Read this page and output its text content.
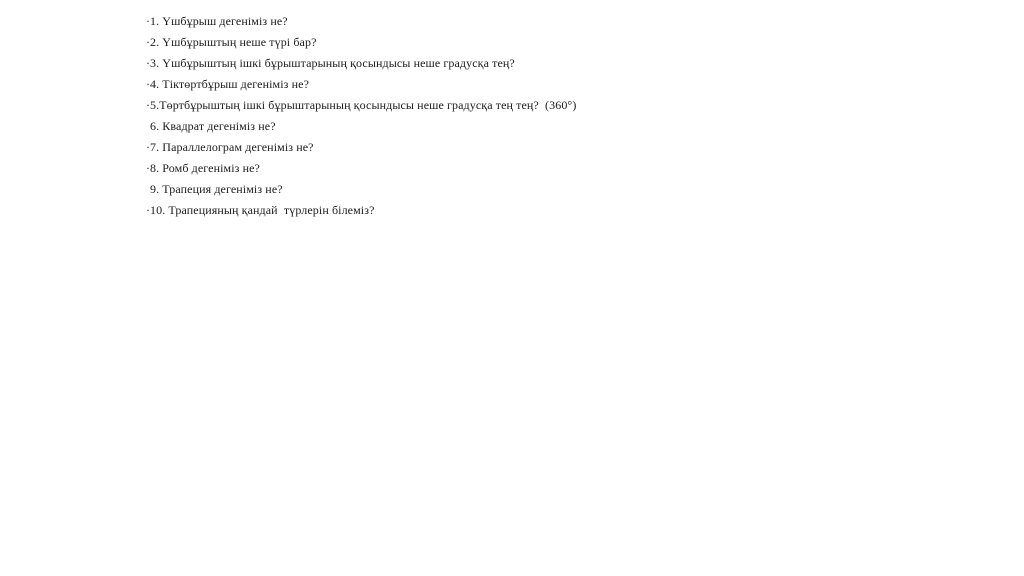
·1. Үшбұрыш дегеніміз не?

·2. Үшбұрыштың неше түрі бар?

·3. Үшбұрыштың ішкі бұрыштарының қосындысы неше градусқа тең?

·4. Тіктөртбұрыш дегеніміз не?

·5.Төртбұрыштың ішкі бұрыштарының қосындысы неше градусқа тең тең?  (360°)

6. Квадрат дегеніміз не?

·7. Параллелограм дегеніміз не?

·8. Ромб дегеніміз не?

9. Трапеция дегеніміз не?

·10. Трапецияның қандай  түрлерін білеміз?
